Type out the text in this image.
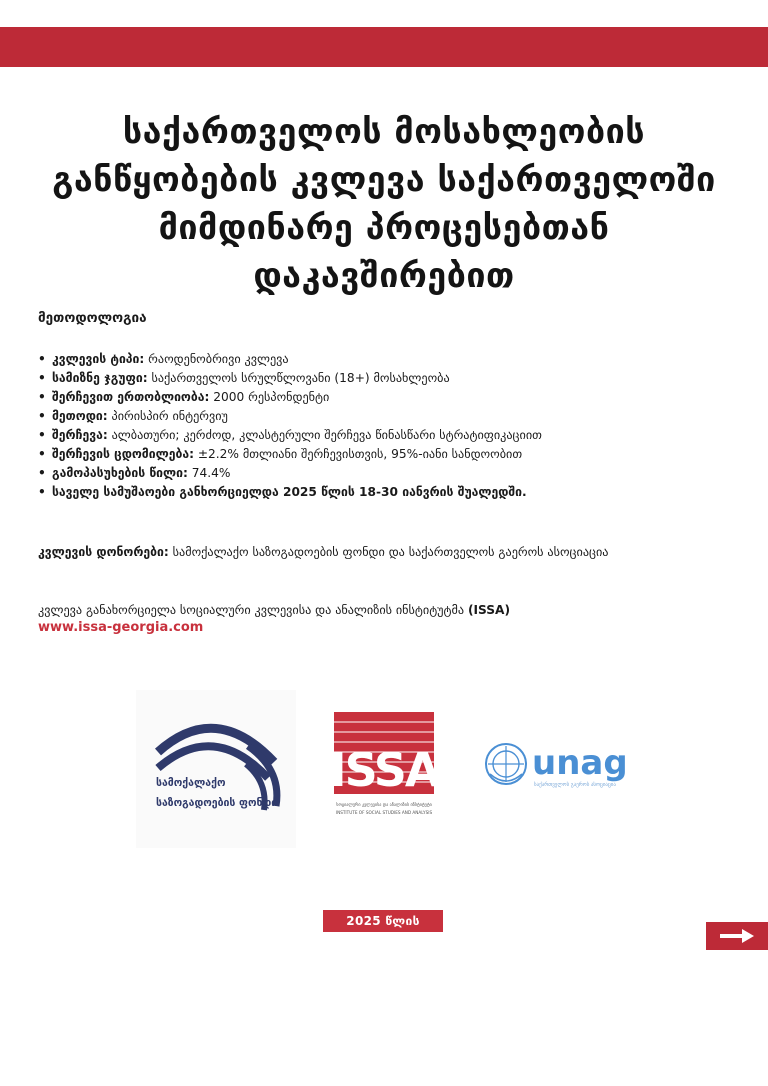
საქართველოს მოსახლეობის
განწყობების კვლევა საქართველოში
მიმდინარე პროცესებთან დაკავშირებით
მეთოდოლოგია
• კვლევის ტიპი: რაოდენობრივი კვლევა
• სამიზნე ჯგუფი: საქართველოს სრულწლოვანი (18+) მოსახლეობა
• შერჩევით ერთობლიობა: 2000 რესპონდენტი
• მეთოდი: პირისპირ ინტერვიუ
• შერჩევა: ალბათური; კერძოდ, კლასტერული შერჩევა წინასწარი სტრატიფიკაციით
• შერჩევის ცდომილება: ±2.2% მთლიანი შერჩევისთვის, 95%-იანი სანდოობით
• გამოპასუხების წილი: 74.4%
• საველე სამუშაოები განხორციელდა 2025 წლის 18-30 იანვრის შუალედში.

კვლევის დონორები: სამოქალაქო საზოგადოების ფონდი და საქართველოს გაეროს ასოციაცია

კვლევა განახორციელა სოციალური კვლევისა და ანალიზის ინსტიტუტმა (ISSA)

www.issa-georgia.com
სამოქალაქო
საზოგადოების ფონდი
ISSA
სოციალური კვლევისა და ანალიზის ინსტიტუტი
INSTITUTE OF SOCIAL STUDIES AND ANALYSIS
unag
საქართველოს გაეროს ასოციაცია
2025 წლის იანვარი
